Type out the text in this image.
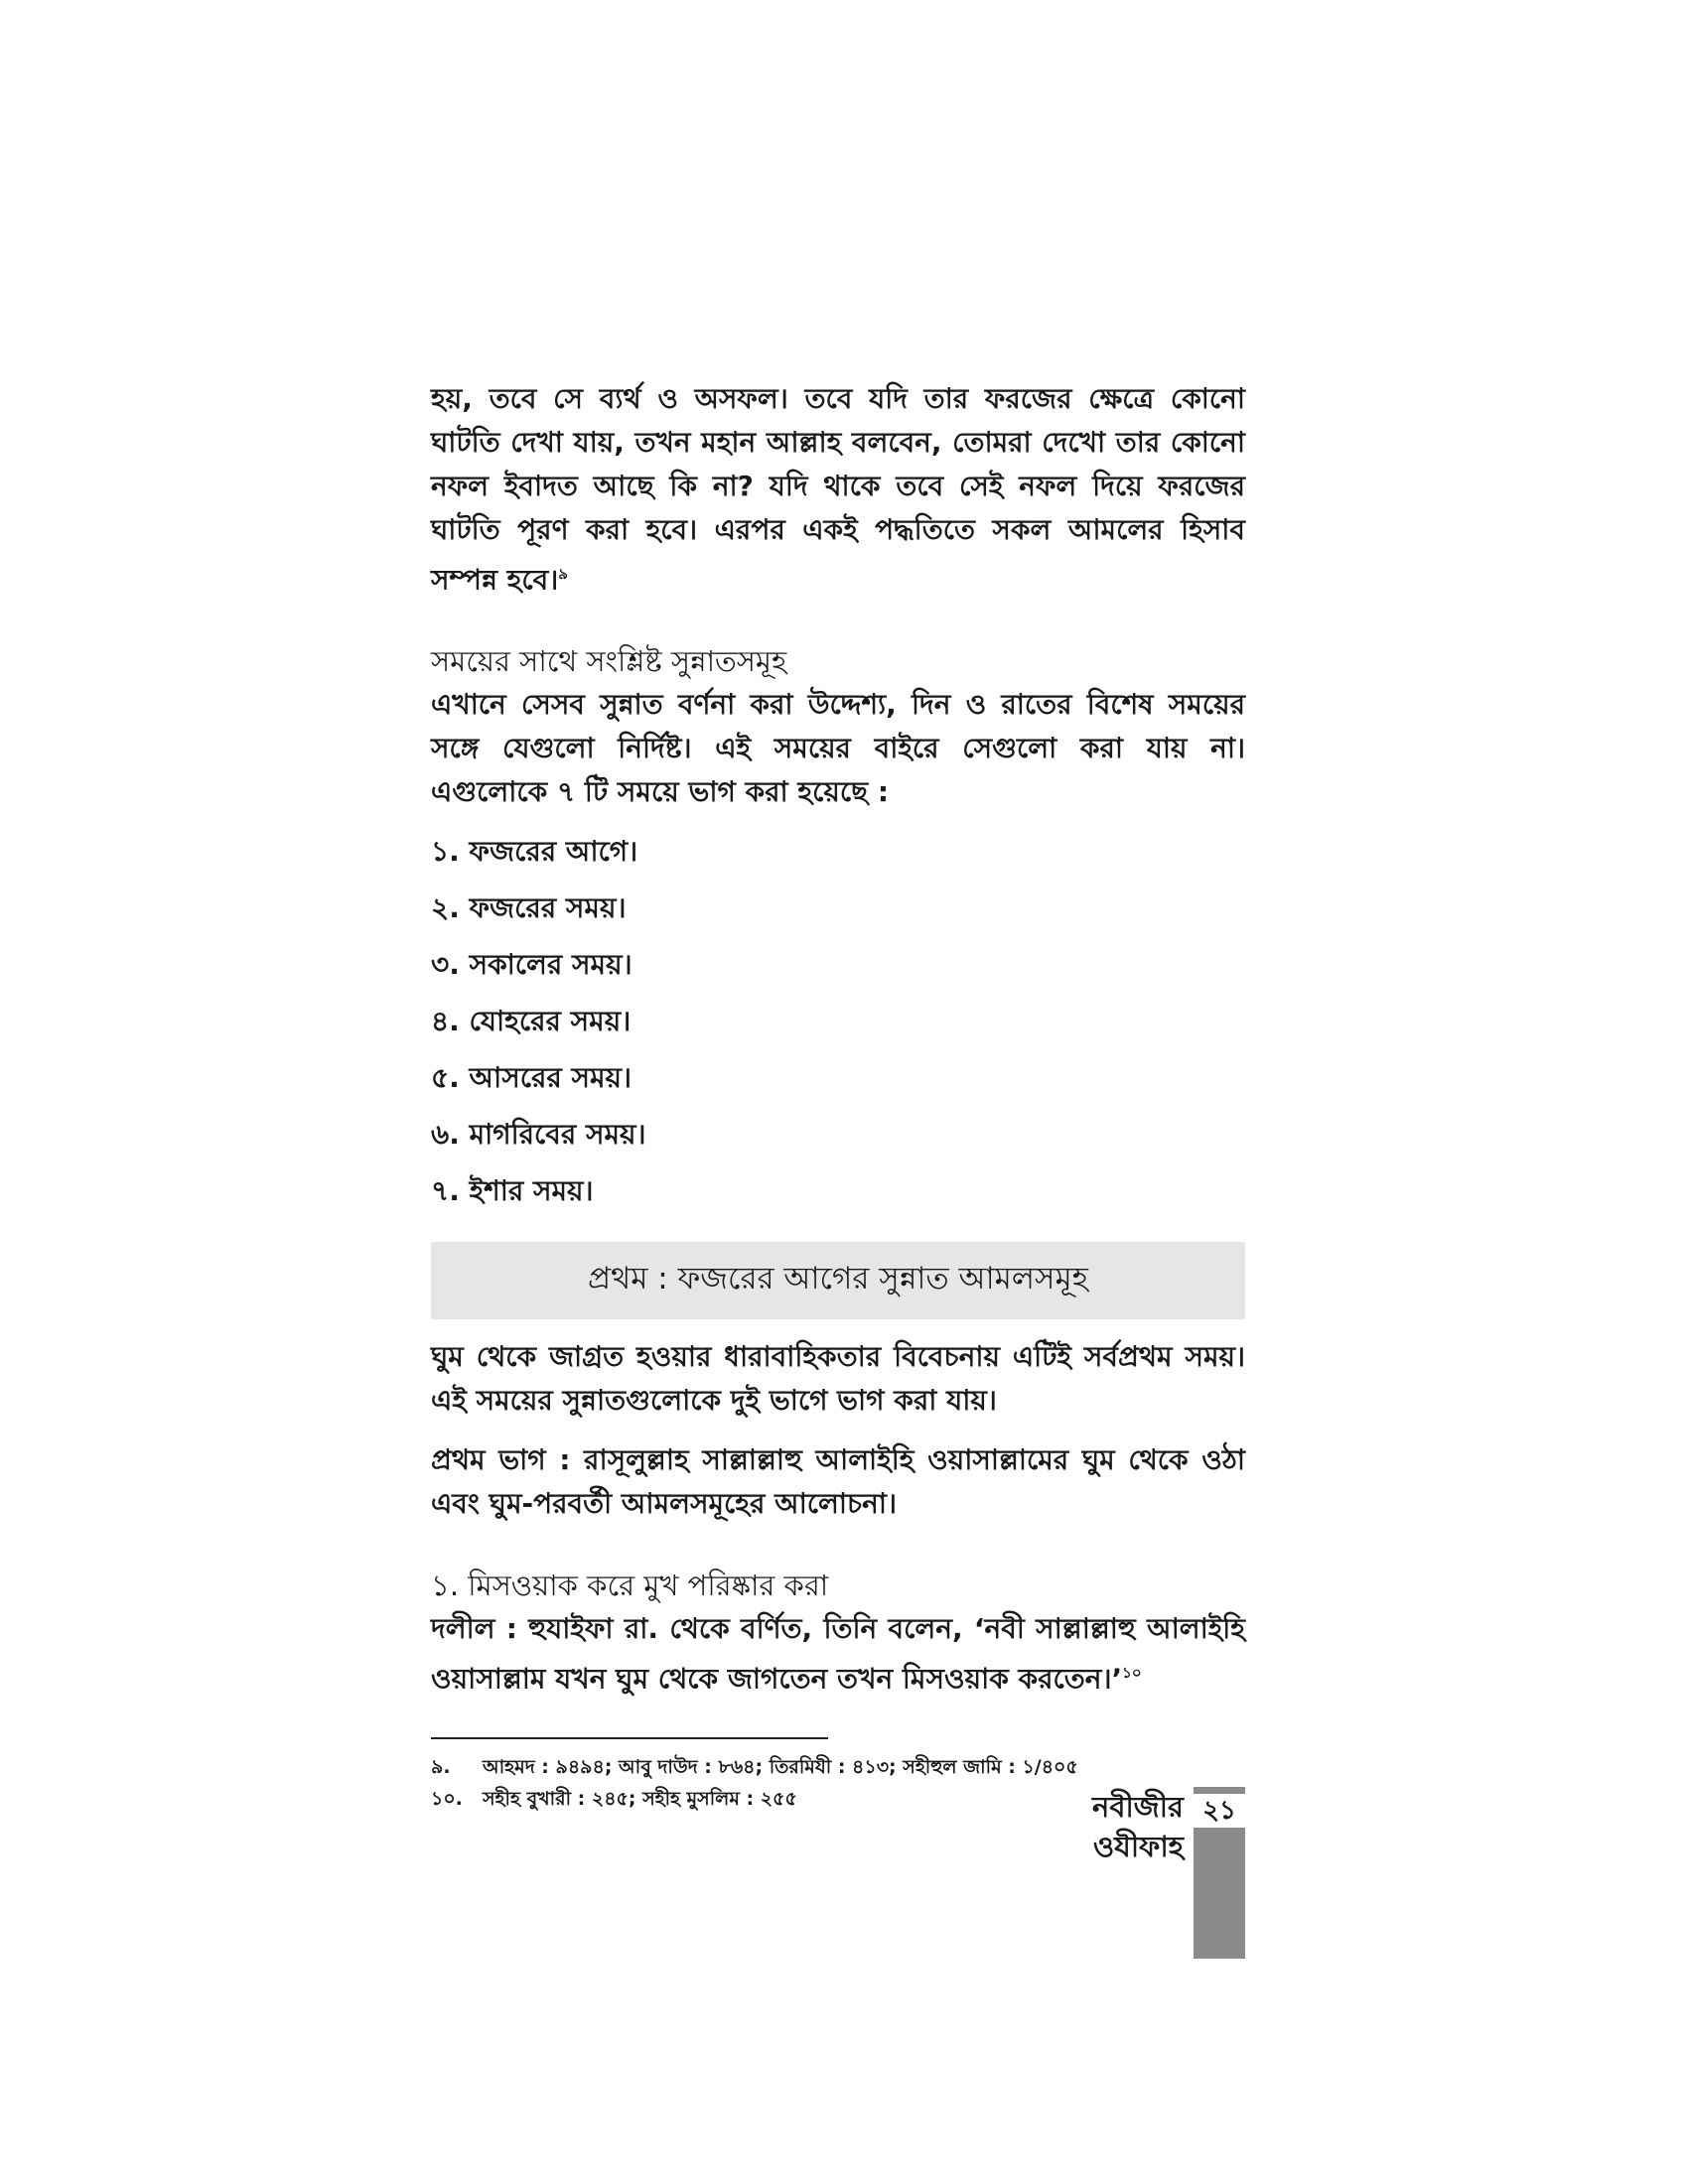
হয়, তবে সে ব্যর্থ ও অসফল। তবে যদি তার ফরজের ক্ষেত্রে কোনো ঘাটতি দেখা যায়, তখন মহান আল্লাহ বলবেন, তোমরা দেখো তার কোনো নফল ইবাদত আছে কি না? যদি থাকে তবে সেই নফল দিয়ে ফরজের ঘাটতি পূরণ করা হবে। এরপর একই পদ্ধতিতে সকল আমলের হিসাব সম্পন্ন হবে।$^৯$

সময়ের সাথে সংশ্লিষ্ট সুন্নাতসমূহ

এখানে সেসব সুন্নাত বর্ণনা করা উদ্দেশ্য, দিন ও রাতের বিশেষ সময়ের সঙ্গে যেগুলো নির্দিষ্ট। এই সময়ের বাইরে সেগুলো করা যায় না। এগুলোকে ৭ টি সময়ে ভাগ করা হয়েছে :

১. ফজরের আগে।
২. ফজরের সময়।
৩. সকালের সময়।
৪. যোহরের সময়।
৫. আসরের সময়।
৬. মাগরিবের সময়।
৭. ইশার সময়।
প্রথম : ফজরের আগের সুন্নাত আমলসমূহ

ঘুম থেকে জাগ্রত হওয়ার ধারাবাহিকতার বিবেচনায় এটিই সর্বপ্রথম সময়। এই সময়ের সুন্নাতগুলোকে দুই ভাগে ভাগ করা যায়।

প্রথম ভাগ : রাসূলুল্লাহ সাল্লাল্লাহু আলাইহি ওয়াসাল্লামের ঘুম থেকে ওঠা এবং ঘুম-পরবর্তী আমলসমূহের আলোচনা।

১. মিসওয়াক করে মুখ পরিষ্কার করা

দলীল : হুযাইফা রা. থেকে বর্ণিত, তিনি বলেন, ‘নবী সাল্লাল্লাহু আলাইহি ওয়াসাল্লাম যখন ঘুম থেকে জাগতেন তখন মিসওয়াক করতেন।’$^{১০}$

৯.	আহমদ : ৯৪৯৪; আবু দাউদ : ৮৬৪; তিরমিযী : ৪১৩; সহীহুল জামি : ১/৪০৫
১০.	সহীহ বুখারী : ২৪৫; সহীহ মুসলিম : ২৫৫	নবীজীর ওযীফাহ
২১
